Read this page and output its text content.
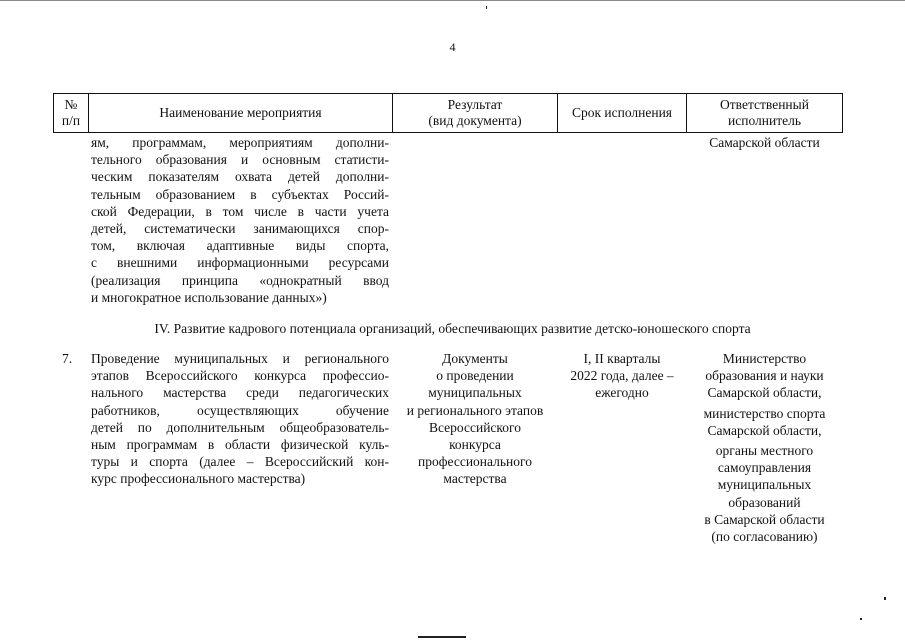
4
№
п/п
Наименование мероприятия
Результат
(вид документа)
Срок исполнения
Ответственный
исполнитель
ям, программам, мероприятиям дополни-
тельного образования и основным статисти-
ческим показателям охвата детей дополни-
тельным образованием в субъектах Россий-
ской Федерации, в том числе в части учета
детей, систематически занимающихся спор-
том, включая адаптивные виды спорта,
с внешними информационными ресурсами
(реализация принципа «однократный ввод
и многократное использование данных»)
Самарской области
IV. Развитие кадрового потенциала организаций, обеспечивающих развитие детско-юношеского спорта
7. Проведение муниципальных и регионального
этапов Всероссийского конкурса профессио-
нального мастерства среди педагогических
работников, осуществляющих обучение
детей по дополнительным общеобразователь-
ным программам в области физической куль-
туры и спорта (далее – Всероссийский кон-
курс профессионального мастерства)
Документы
о проведении
муниципальных
и регионального этапов
Всероссийского
конкурса
профессионального
мастерства
I, II кварталы
2022 года, далее –
ежегодно
Министерство
образования и науки
Самарской области,
министерство спорта
Самарской области,
органы местного
самоуправления
муниципальных
образований
в Самарской области
(по согласованию)
